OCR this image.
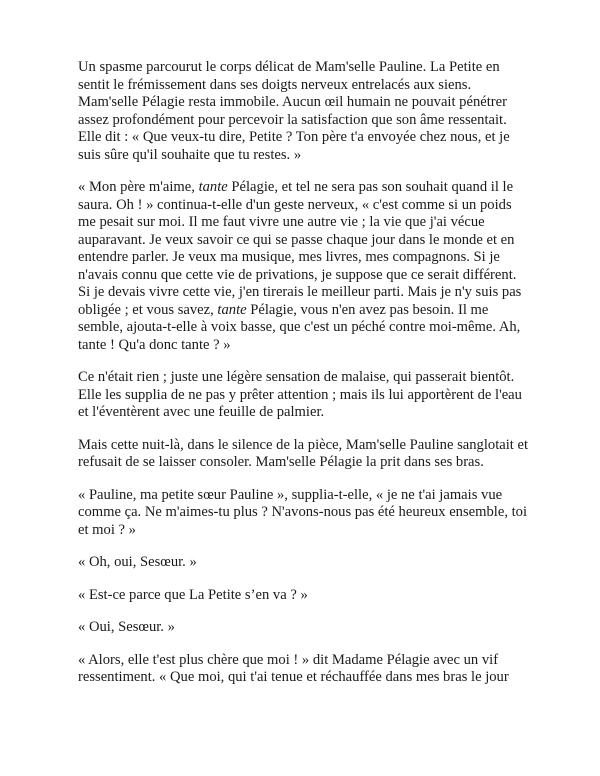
Un spasme parcourut le corps délicat de Mam'selle Pauline. La Petite en sentit le frémissement dans ses doigts nerveux entrelacés aux siens. Mam'selle Pélagie resta immobile. Aucun œil humain ne pouvait pénétrer assez profondément pour percevoir la satisfaction que son âme ressentait. Elle dit : « Que veux-tu dire, Petite ? Ton père t'a envoyée chez nous, et je suis sûre qu'il souhaite que tu restes. »

« Mon père m'aime, tante Pélagie, et tel ne sera pas son souhait quand il le saura. Oh ! » continua-t-elle d'un geste nerveux, « c'est comme si un poids me pesait sur moi. Il me faut vivre une autre vie ; la vie que j'ai vécue auparavant. Je veux savoir ce qui se passe chaque jour dans le monde et en entendre parler. Je veux ma musique, mes livres, mes compagnons. Si je n'avais connu que cette vie de privations, je suppose que ce serait différent. Si je devais vivre cette vie, j'en tirerais le meilleur parti. Mais je n'y suis pas obligée ; et vous savez, tante Pélagie, vous n'en avez pas besoin. Il me semble, ajouta-t-elle à voix basse, que c'est un péché contre moi-même. Ah, tante ! Qu'a donc tante ? »

Ce n'était rien ; juste une légère sensation de malaise, qui passerait bientôt. Elle les supplia de ne pas y prêter attention ; mais ils lui apportèrent de l'eau et l'éventèrent avec une feuille de palmier.

Mais cette nuit-là, dans le silence de la pièce, Mam'selle Pauline sanglotait et refusait de se laisser consoler. Mam'selle Pélagie la prit dans ses bras.

« Pauline, ma petite sœur Pauline », supplia-t-elle, « je ne t'ai jamais vue comme ça. Ne m'aimes-tu plus ? N'avons-nous pas été heureux ensemble, toi et moi ? »

« Oh, oui, Sesœur. »

« Est-ce parce que La Petite s’en va ? »

« Oui, Sesœur. »

« Alors, elle t'est plus chère que moi ! » dit Madame Pélagie avec un vif ressentiment. « Que moi, qui t'ai tenue et réchauffée dans mes bras le jour
